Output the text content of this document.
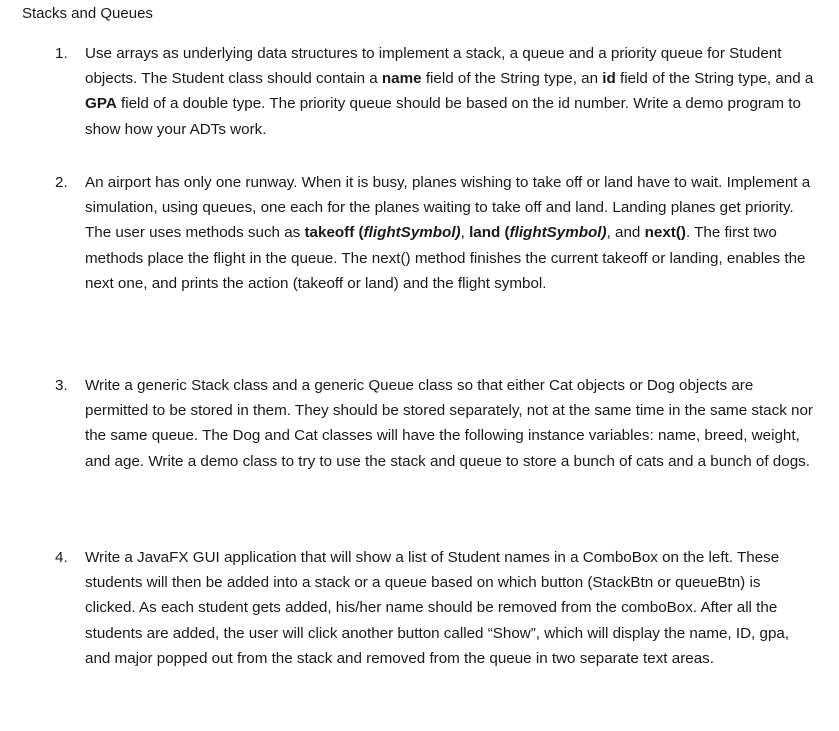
Stacks and Queues
1. Use arrays as underlying data structures to implement a stack, a queue and a priority queue for Student objects. The Student class should contain a name field of the String type, an id field of the String type, and a GPA field of a double type. The priority queue should be based on the id number. Write a demo program to show how your ADTs work.
2. An airport has only one runway. When it is busy, planes wishing to take off or land have to wait. Implement a simulation, using queues, one each for the planes waiting to take off and land. Landing planes get priority. The user uses methods such as takeoff (flightSymbol), land (flightSymbol), and next(). The first two methods place the flight in the queue. The next() method finishes the current takeoff or landing, enables the next one, and prints the action (takeoff or land) and the flight symbol.
3. Write a generic Stack class and a generic Queue class so that either Cat objects or Dog objects are permitted to be stored in them. They should be stored separately, not at the same time in the same stack nor the same queue. The Dog and Cat classes will have the following instance variables: name, breed, weight, and age. Write a demo class to try to use the stack and queue to store a bunch of cats and a bunch of dogs.
4. Write a JavaFX GUI application that will show a list of Student names in a ComboBox on the left. These students will then be added into a stack or a queue based on which button (StackBtn or queueBtn) is clicked. As each student gets added, his/her name should be removed from the comboBox. After all the students are added, the user will click another button called “Show”, which will display the name, ID, gpa, and major popped out from the stack and removed from the queue in two separate text areas.
